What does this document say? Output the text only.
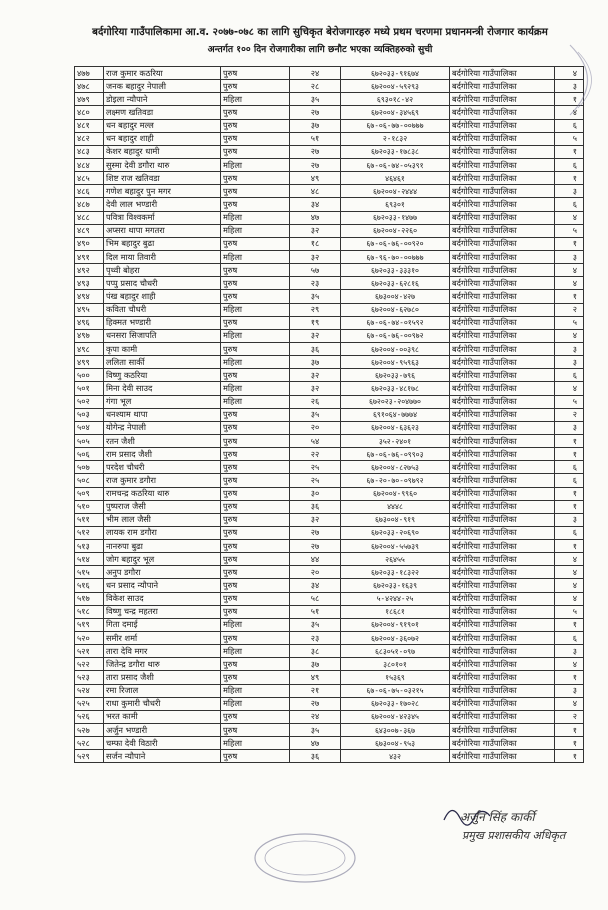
बर्दगोरिया गाउँपालिकामा आ.व. २०७७-०७८ का लागि सुचिकृत बेरोजगारहरु मध्ये प्रथम चरणमा प्रधानमन्त्री रोजगार कार्यक्रम
अन्तर्गत १०० दिन रोजगारीका लागि छनौट भएका व्यक्तिहरुको सुची
४७७	राज कुमार कठरिया	पुरुष	२४	६७२०३३-९१६७४	बर्दगोरिया गाउँपालिका	४
४७८	जनक बहादुर नेपाली	पुरुष	२८	६७२००४-५९२९३	बर्दगोरिया गाउँपालिका	३
४७९	डोइला न्यौपाने	महिला	३५	६९३०१८-४२	बर्दगोरिया गाउँपालिका	१
४८०	लक्ष्मण खतिवडा	पुरुष	२७	६७२००४-३४५६९	बर्दगोरिया गाउँपालिका	४
४८१	धन बहादुर मल्ल	पुरुष	३७	६७-०६-७७-००७७७	बर्दगोरिया गाउँपालिका	६
४८२	धन बहादुर शाही	पुरुष	५१	२-१८३२	बर्दगोरिया गाउँपालिका	५
४८३	केशर बहादुर धामी	पुरुष	२७	६७२०३३-१७८३८	बर्दगोरिया गाउँपालिका	१
४८४	सुस्मा देवी डगौरा थारु	महिला	२७	६७-०६-७४-०५३९१	बर्दगोरिया गाउँपालिका	६
४८५	शिष्ट राज खतिवडा	पुरुष	४९	४६४६१	बर्दगोरिया गाउँपालिका	१
४८६	गणेश बहादुर पुन मगर	पुरुष	४८	६७२००४-२४४४	बर्दगोरिया गाउँपालिका	३
४८७	देवी लाल भण्डारी	पुरुष	३४	६९३०१	बर्दगोरिया गाउँपालिका	६
४८८	पवित्रा विश्वकर्मा	महिला	४७	६७२०३३-१४७७	बर्दगोरिया गाउँपालिका	४
४८९	अप्सरा थापा मगतरा	महिला	३२	६७२००४-२२६०	बर्दगोरिया गाउँपालिका	५
४९०	भिम बहादुर बुढा	पुरुष	१८	६७-०६-७६-००९२०	बर्दगोरिया गाउँपालिका	१
४९१	दिल माया तिवारी	महिला	३२	६७-९६-७०-००७७७	बर्दगोरिया गाउँपालिका	३
४९२	पृथ्वी बोहरा	पुरुष	५७	६७२०३३-३३३१०	बर्दगोरिया गाउँपालिका	४
४९३	पप्पु प्रसाद चौधरी	पुरुष	२३	६७२०३३-६२८१६	बर्दगोरिया गाउँपालिका	४
४९४	पंख बहादुर शाही	पुरुष	३५	६७३००४-४२७	बर्दगोरिया गाउँपालिका	१
४९५	कविता चौधरी	महिला	२९	६७२००४-६२७८०	बर्दगोरिया गाउँपालिका	२
४९६	हिक्मत भण्डारी	पुरुष	१९	६७-०६-७४-०१५९२	बर्दगोरिया गाउँपालिका	५
४९७	धनसरा सिजापति	महिला	३२	६७-०६-७६-००९७२	बर्दगोरिया गाउँपालिका	४
४९८	कृपा कामी	पुरुष	३६	६७२००४-००३९८	बर्दगोरिया गाउँपालिका	३
४९९	ललिता सार्की	महिला	३७	६७२००४-९५९६३	बर्दगोरिया गाउँपालिका	३
५००	विष्णु कठरिया	पुरुष	३२	६७२०३३-७९६	बर्दगोरिया गाउँपालिका	६
५०१	मिना देवी साउद	महिला	३२	६७२०३३-४८१७८	बर्दगोरिया गाउँपालिका	४
५०२	गंगा भूल	महिला	२६	६७२०२३-२०४७७०	बर्दगोरिया गाउँपालिका	५
५०३	धनश्याम थापा	पुरुष	३५	६९१०६४-७७७४	बर्दगोरिया गाउँपालिका	२
५०४	योगेन्द्र नेपाली	पुरुष	२०	६७२००४-६३६२३	बर्दगोरिया गाउँपालिका	३
५०५	रतन जैशी	पुरुष	५४	३५२-२४०१	बर्दगोरिया गाउँपालिका	१
५०६	राम प्रसाद जैशी	पुरुष	२२	६७-०६-७६-०९९०३	बर्दगोरिया गाउँपालिका	१
५०७	परदेश चौधरी	पुरुष	२५	६७२००४-८२७५३	बर्दगोरिया गाउँपालिका	६
५०८	राज कुमार डगौरा	पुरुष	२५	६७-२०-७०-०९७९२	बर्दगोरिया गाउँपालिका	६
५०९	रामचन्द्र कठरिया थारु	पुरुष	३०	६७२००४-९९६०	बर्दगोरिया गाउँपालिका	१
५१०	पुष्पराज जैसी	पुरुष	३६	४४४८	बर्दगोरिया गाउँपालिका	१
५११	भीम लाल जैसी	पुरुष	३२	६७३००४-९१९	बर्दगोरिया गाउँपालिका	३
५१२	लायक राम डगौरा	पुरुष	२७	६७२०३३-२०६९०	बर्दगोरिया गाउँपालिका	६
५१३	नानरुपा बुढा	पुरुष	२७	६७२००४-५५७३९	बर्दगोरिया गाउँपालिका	१
५१४	जोग बहादुर भूल	पुरुष	४४	२६४५५	बर्दगोरिया गाउँपालिका	४
५१५	अनुप डगौरा	पुरुष	२०	६७२०३३-१८३२२	बर्दगोरिया गाउँपालिका	४
५१६	धन प्रसाद न्यौपाने	पुरुष	३४	६७२०३३-१६३९	बर्दगोरिया गाउँपालिका	४
५१७	विकेश साउद	पुरुष	५८	५-४२४४-२५	बर्दगोरिया गाउँपालिका	४
५१८	विष्णु चन्द्र महतरा	पुरुष	५१	१८६८१	बर्दगोरिया गाउँपालिका	५
५१९	गिता दमाई	महिला	३५	६७२००४-९१९०१	बर्दगोरिया गाउँपालिका	१
५२०	समीर शर्मा	पुरुष	२३	६७२००४-३६०७२	बर्दगोरिया गाउँपालिका	६
५२१	तारा देवि मगर	महिला	३८	६८३०५१-०९७	बर्दगोरिया गाउँपालिका	३
५२२	जितेन्द्र डगौरा थारु	पुरुष	३७	३८०१०१	बर्दगोरिया गाउँपालिका	४
५२३	तारा प्रसाद जैशी	पुरुष	४९	१५३६९	बर्दगोरिया गाउँपालिका	१
५२४	रमा रिजाल	महिला	२१	६७-०६-७५-०३२१५	बर्दगोरिया गाउँपालिका	३
५२५	राधा कुमारी चौधरी	महिला	२७	६७२०३३-१७०२८	बर्दगोरिया गाउँपालिका	४
५२६	भरत कामी	पुरुष	२४	६७२००४-४२३४५	बर्दगोरिया गाउँपालिका	२
५२७	अर्जुन भण्डारी	पुरुष	३५	६४३००७-३६७	बर्दगोरिया गाउँपालिका	१
५२८	चम्फा देवी विठारी	महिला	४७	६७३००४-९५३	बर्दगोरिया गाउँपालिका	१
५२९	सर्जन न्यौपाने	पुरुष	३६	४३२	बर्दगोरिया गाउँपालिका	१
अर्जुन सिंह कार्की
प्रमुख प्रशासकीय अधिकृत
